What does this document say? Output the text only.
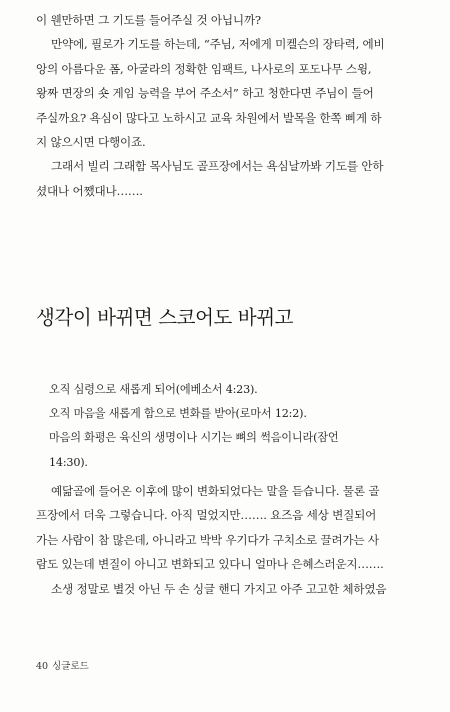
이 웬만하면 그 기도를 들어주실 것 아닙니까?

만약에, 필로가 기도를 하는데, “주님, 저에게 미켈슨의 장타력, 에비

앙의 아름다운 폼, 아굴라의 정확한 임팩트, 나사로의 포도나무 스윙,

왕짜 면장의 숏 게임 능력을 부어 주소서” 하고 청한다면 주님이 들어

주실까요? 욕심이 많다고 노하시고 교육 차원에서 발목을 한쪽 삐게 하

지 않으시면 다행이죠.

그래서 빌리 그래함 목사님도 골프장에서는 욕심날까봐 기도를 안하

셨대나 어쨌대나…….

생각이 바뀌면 스코어도 바뀌고

오직 심령으로 새롭게 되어(에베소서 4:23).

오직 마음을 새롭게 함으로 변화를 받아(로마서 12:2).

마음의 화평은 육신의 생명이나 시기는 뼈의 썩음이니라(잠언

14:30).

예닮골에 들어온 이후에 많이 변화되었다는 말을 듣습니다. 물론 골

프장에서 더욱 그렇습니다. 아직 멀었지만……. 요즈음 세상 변질되어

가는 사람이 참 많은데, 아니라고 박박 우기다가 구치소로 끌려가는 사

람도 있는데 변질이 아니고 변화되고 있다니 얼마나 은혜스러운지…….

소생 정말로 별것 아닌 두 손 싱글 핸디 가지고 아주 고고한 체하였음

40 싱글로드
